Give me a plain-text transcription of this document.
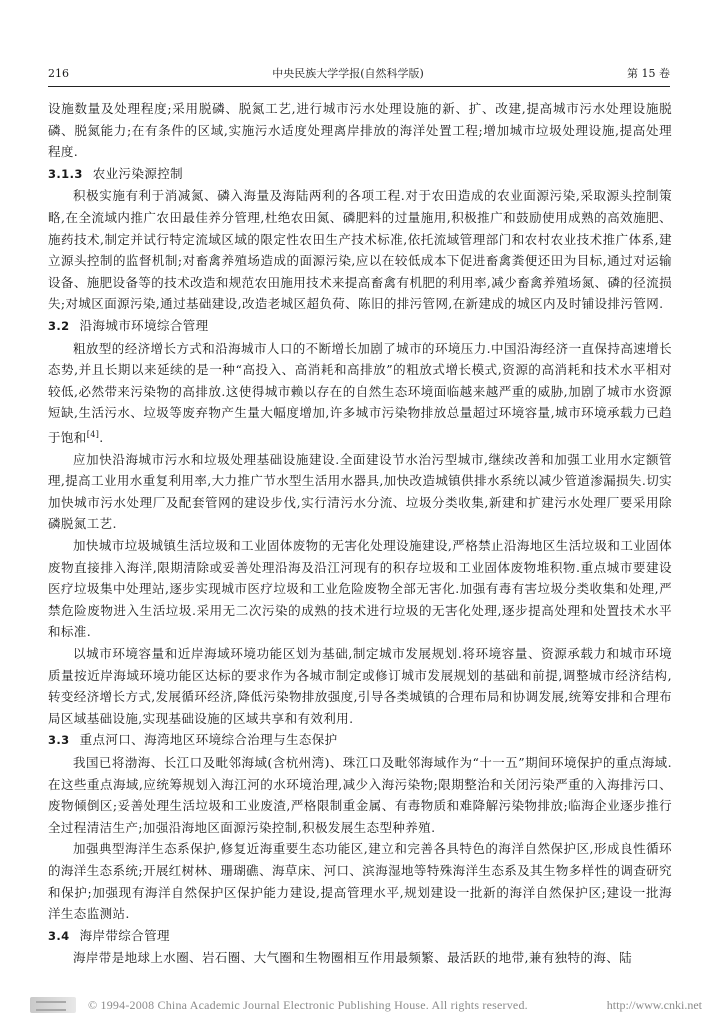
216	中央民族大学学报(自然科学版)	第 15 卷

设施数量及处理程度;采用脱磷、脱氮工艺,进行城市污水处理设施的新、扩、改建,提高城市污水处理设施脱磷、脱氮能力;在有条件的区域,实施污水适度处理离岸排放的海洋处置工程;增加城市垃圾处理设施,提高处理程度.

3.1.3 农业污染源控制

积极实施有利于消减氮、磷入海量及海陆两利的各项工程.对于农田造成的农业面源污染,采取源头控制策略,在全流域内推广农田最佳养分管理,杜绝农田氮、磷肥料的过量施用,积极推广和鼓励使用成熟的高效施肥、施药技术,制定并试行特定流域区域的限定性农田生产技术标准,依托流域管理部门和农村农业技术推广体系,建立源头控制的监督机制;对畜禽养殖场造成的面源污染,应以在较低成本下促进畜禽粪便还田为目标,通过对运输设备、施肥设备等的技术改造和规范农田施用技术来提高畜禽有机肥的利用率,减少畜禽养殖场氮、磷的径流损失;对城区面源污染,通过基础建设,改造老城区超负荷、陈旧的排污管网,在新建成的城区内及时铺设排污管网.

3.2 沿海城市环境综合管理

粗放型的经济增长方式和沿海城市人口的不断增长加剧了城市的环境压力.中国沿海经济一直保持高速增长态势,并且长期以来延续的是一种“高投入、高消耗和高排放”的粗放式增长模式,资源的高消耗和技术水平相对较低,必然带来污染物的高排放.这使得城市赖以存在的自然生态环境面临越来越严重的威胁,加剧了城市水资源短缺,生活污水、垃圾等废弃物产生量大幅度增加,许多城市污染物排放总量超过环境容量,城市环境承载力已趋于饱和[4].

应加快沿海城市污水和垃圾处理基础设施建设.全面建设节水治污型城市,继续改善和加强工业用水定额管理,提高工业用水重复利用率,大力推广节水型生活用水器具,加快改造城镇供排水系统以减少管道渗漏损失.切实加快城市污水处理厂及配套管网的建设步伐,实行清污水分流、垃圾分类收集,新建和扩建污水处理厂要采用除磷脱氮工艺.

加快城市垃圾城镇生活垃圾和工业固体废物的无害化处理设施建设,严格禁止沿海地区生活垃圾和工业固体废物直接排入海洋,限期清除或妥善处理沿海及沿江河现有的积存垃圾和工业固体废物堆积物.重点城市要建设医疗垃圾集中处理站,逐步实现城市医疗垃圾和工业危险废物全部无害化.加强有毒有害垃圾分类收集和处理,严禁危险废物进入生活垃圾.采用无二次污染的成熟的技术进行垃圾的无害化处理,逐步提高处理和处置技术水平和标准.

以城市环境容量和近岸海域环境功能区划为基础,制定城市发展规划.将环境容量、资源承载力和城市环境质量按近岸海域环境功能区达标的要求作为各城市制定或修订城市发展规划的基础和前提,调整城市经济结构,转变经济增长方式,发展循环经济,降低污染物排放强度,引导各类城镇的合理布局和协调发展,统筹安排和合理布局区域基础设施,实现基础设施的区域共享和有效利用.

3.3 重点河口、海湾地区环境综合治理与生态保护

我国已将渤海、长江口及毗邻海域(含杭州湾)、珠江口及毗邻海域作为“十一五”期间环境保护的重点海域.在这些重点海域,应统筹规划入海江河的水环境治理,减少入海污染物;限期整治和关闭污染严重的入海排污口、废物倾倒区;妥善处理生活垃圾和工业废渣,严格限制重金属、有毒物质和难降解污染物排放;临海企业逐步推行全过程清洁生产;加强沿海地区面源污染控制,积极发展生态型种养殖.

加强典型海洋生态系保护,修复近海重要生态功能区,建立和完善各具特色的海洋自然保护区,形成良性循环的海洋生态系统;开展红树林、珊瑚礁、海草床、河口、滨海湿地等特殊海洋生态系及其生物多样性的调查研究和保护;加强现有海洋自然保护区保护能力建设,提高管理水平,规划建设一批新的海洋自然保护区;建设一批海洋生态监测站.

3.4 海岸带综合管理

海岸带是地球上水圈、岩石圈、大气圈和生物圈相互作用最频繁、最活跃的地带,兼有独特的海、陆

© 1994-2008 China Academic Journal Electronic Publishing House. All rights reserved.	http://www.cnki.net
